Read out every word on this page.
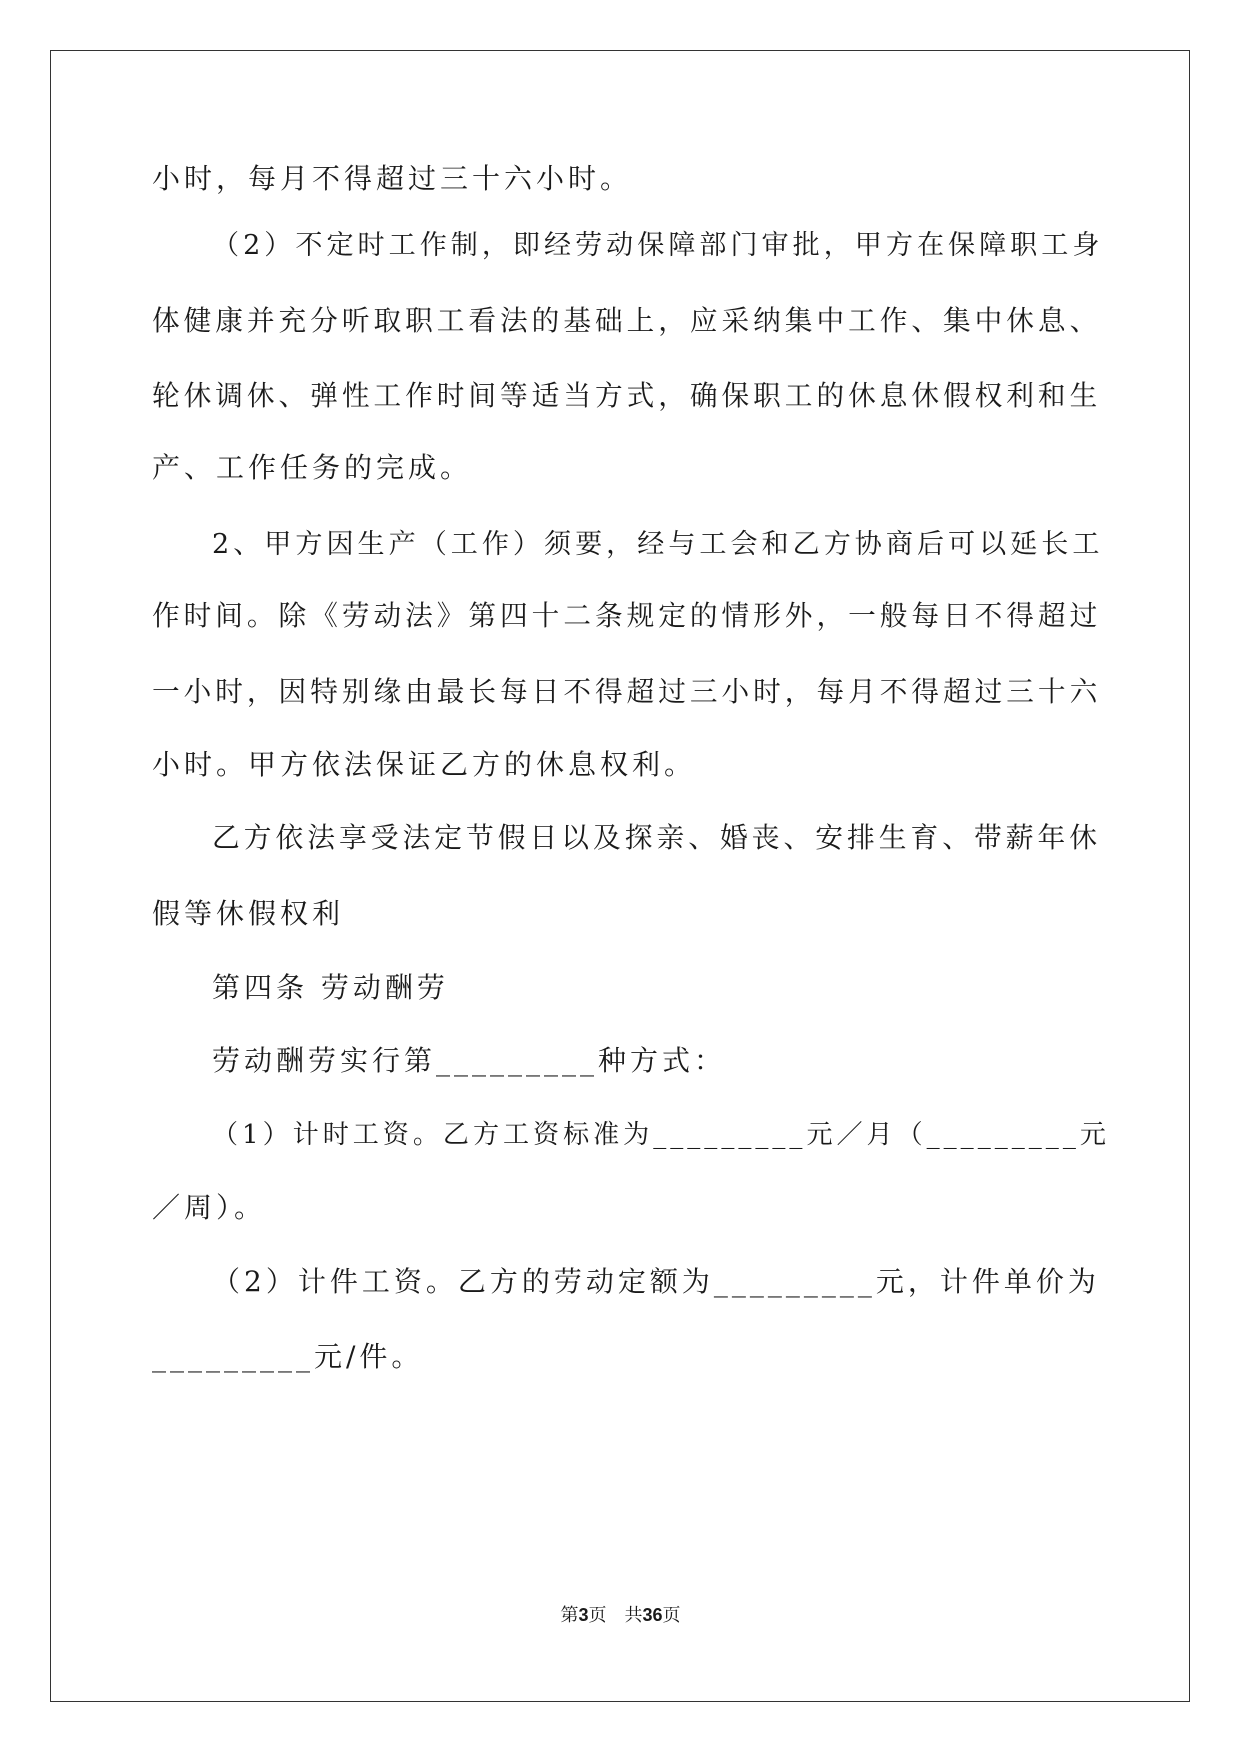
小时，每月不得超过三十六小时。

（2）不定时工作制，即经劳动保障部门审批，甲方在保障职工身

体健康并充分听取职工看法的基础上，应采纳集中工作、集中休息、

轮休调休、弹性工作时间等适当方式，确保职工的休息休假权利和生

产、工作任务的完成。

2、甲方因生产（工作）须要，经与工会和乙方协商后可以延长工

作时间。除《劳动法》第四十二条规定的情形外，一般每日不得超过

一小时，因特别缘由最长每日不得超过三小时，每月不得超过三十六

小时。甲方依法保证乙方的休息权利。

乙方依法享受法定节假日以及探亲、婚丧、安排生育、带薪年休

假等休假权利

第四条 劳动酬劳

劳动酬劳实行第_________种方式：

（1）计时工资。乙方工资标准为_________元／月（_________元

／周）。

（2）计件工资。乙方的劳动定额为_________元，计件单价为

_________元/件。

第3页　共36页
